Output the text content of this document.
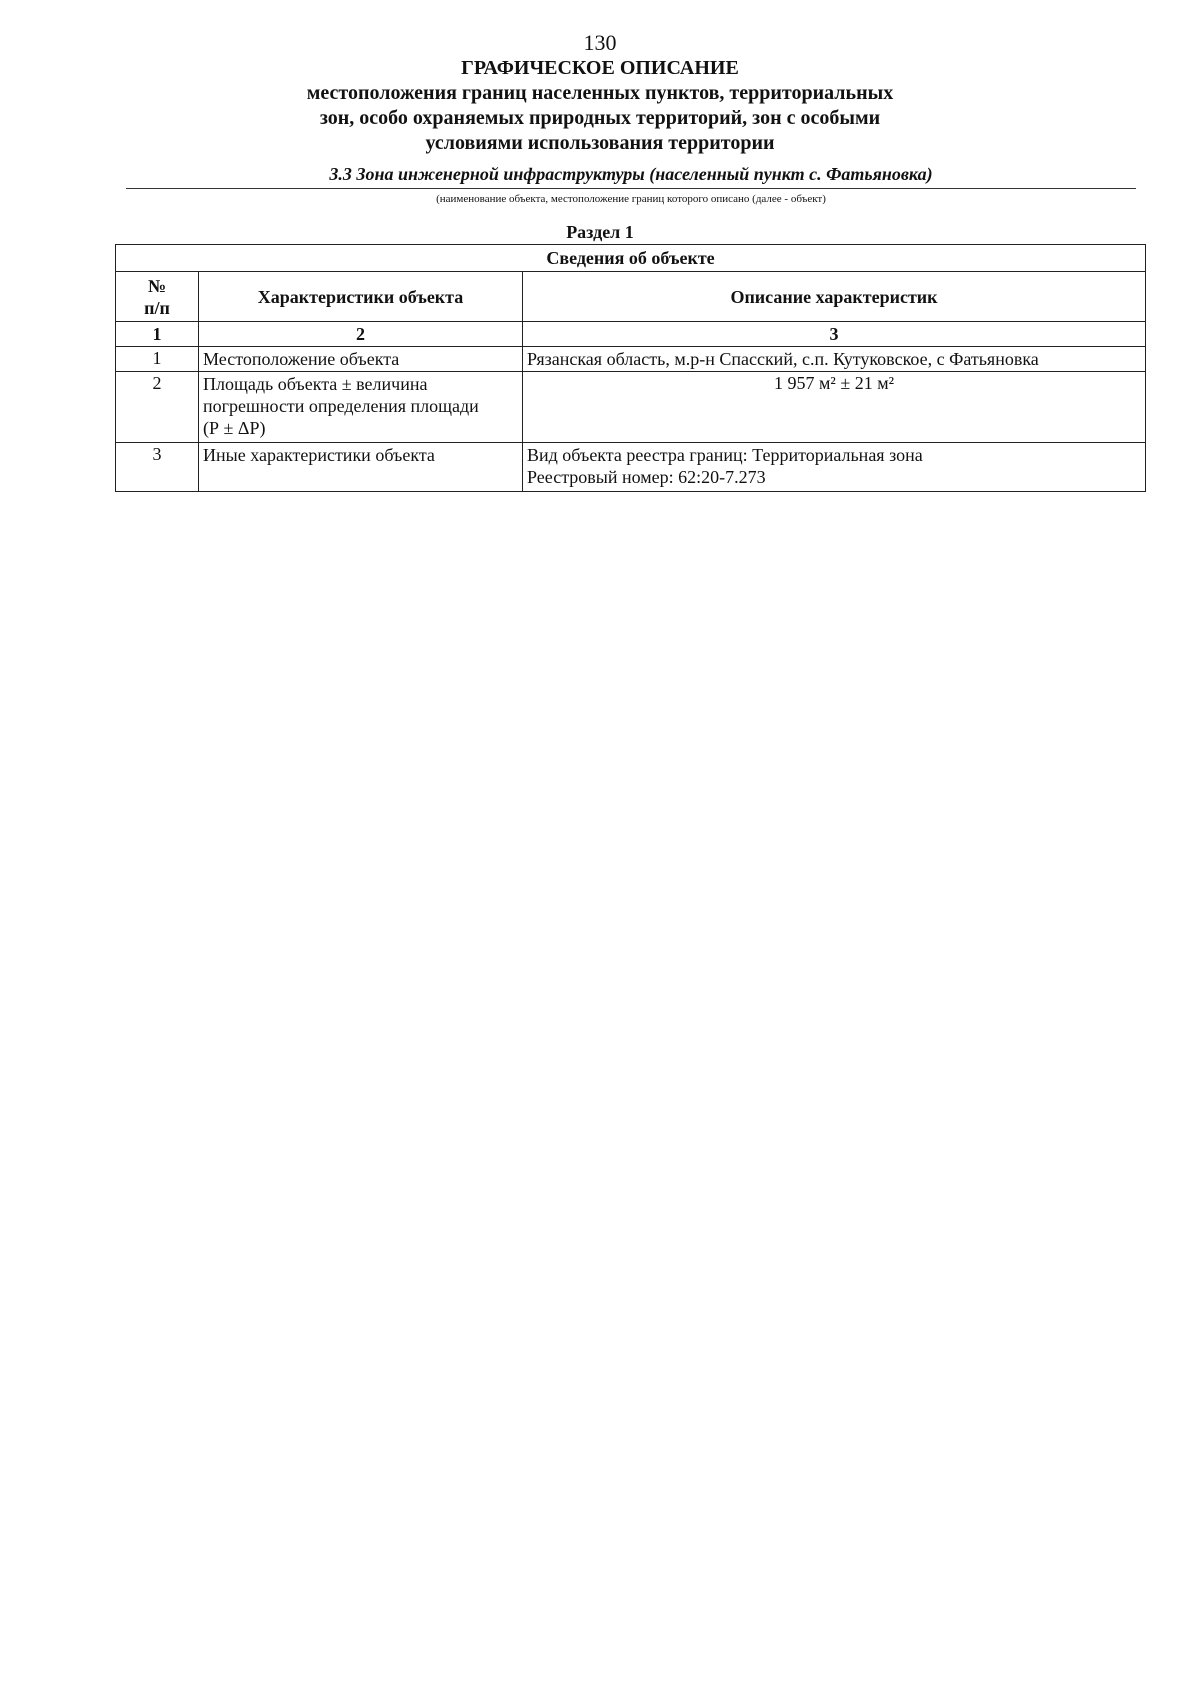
130
ГРАФИЧЕСКОЕ ОПИСАНИЕ
местоположения границ населенных пунктов, территориальных
зон, особо охраняемых природных территорий, зон с особыми
условиями использования территории
3.3 Зона инженерной инфраструктуры (населенный пункт с. Фатьяновка)
(наименование объекта, местоположение границ которого описано (далее - объект)
Раздел 1
Сведения об объекте		

№
п/п	Характеристики объекта	Описание характеристик
1	2	3
1	Местоположение объекта	Рязанская область, м.р-н Спасский, с.п. Кутуковское, с Фатьяновка
2	Площадь объекта ± величина
погрешности определения площади
(Р ± ΔР)	1 957 м² ± 21 м²
3	Иные характеристики объекта	Вид объекта реестра границ: Территориальная зона
Реестровый номер: 62:20-7.273
